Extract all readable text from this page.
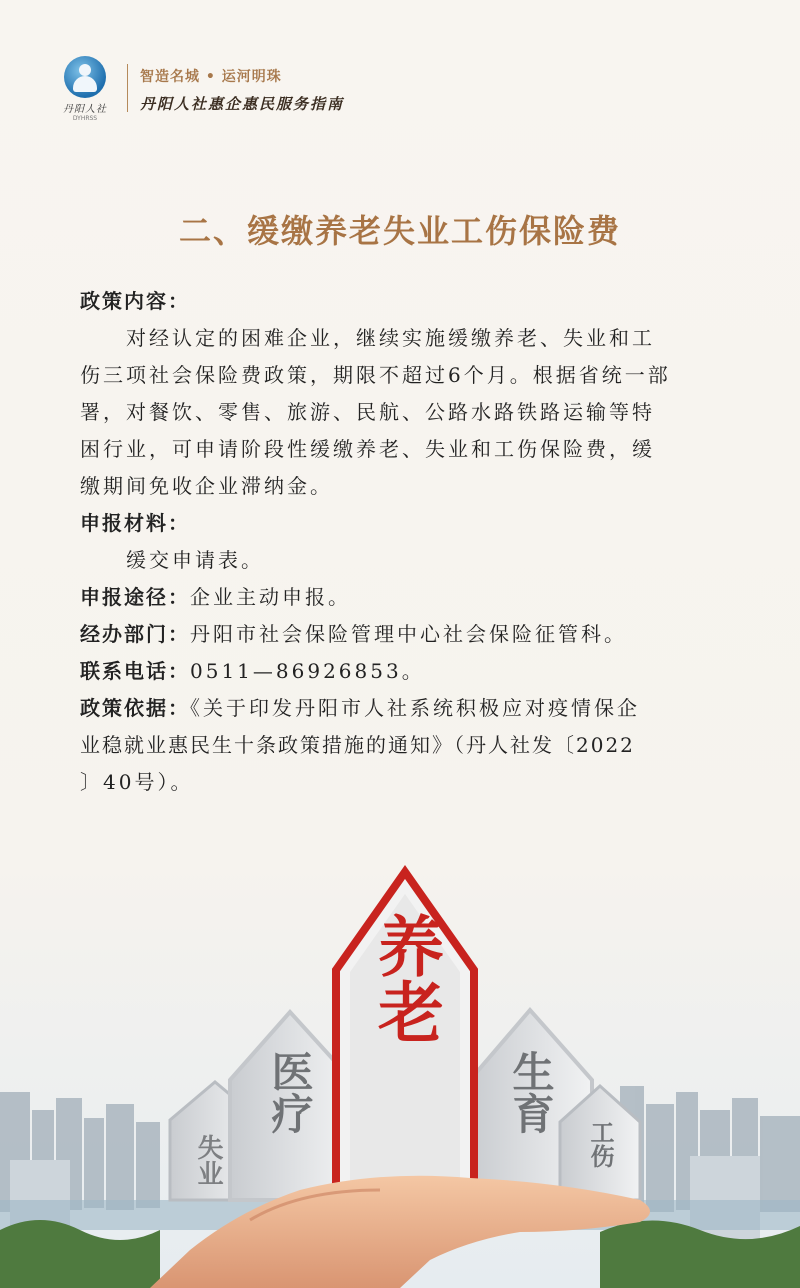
丹阳人社
DYHRSS
智造名城 • 运河明珠
丹阳人社惠企惠民服务指南
二、缓缴养老失业工伤保险费
政策内容：
对经认定的困难企业，继续实施缓缴养老、失业和工
伤三项社会保险费政策，期限不超过6个月。根据省统一部
署，对餐饮、零售、旅游、民航、公路水路铁路运输等特
困行业，可申请阶段性缓缴养老、失业和工伤保险费，缓
缴期间免收企业滞纳金。
申报材料：
缓交申请表。
申报途径：企业主动申报。
经办部门：丹阳市社会保险管理中心社会保险征管科。
联系电话：0511—86926853。
政策依据：《关于印发丹阳市人社系统积极应对疫情保企
业稳就业惠民生十条政策措施的通知》（丹人社发〔2022
〕40号）。
失业
医疗	生育
工伤
养老
